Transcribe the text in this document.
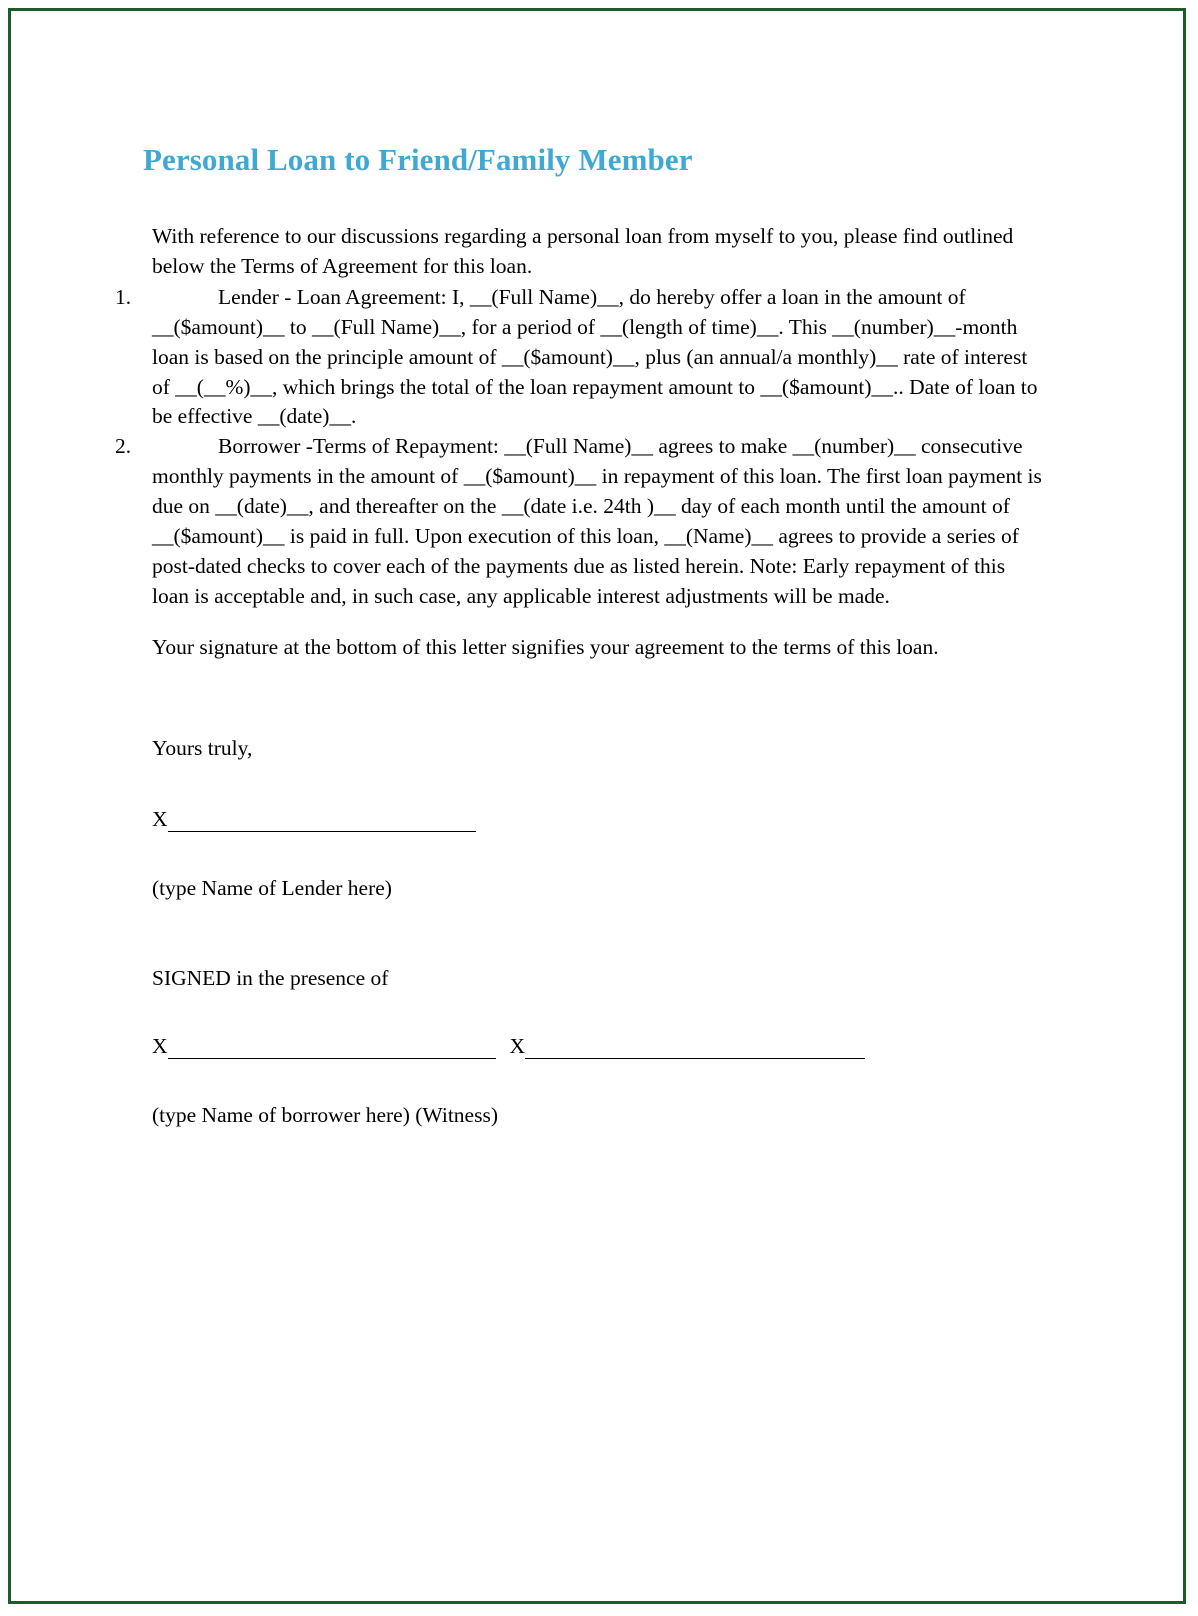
Personal Loan to Friend/Family Member

With reference to our discussions regarding a personal loan from myself to you, please find outlined below the Terms of Agreement for this loan.

Lender - Loan Agreement: I, __(Full Name)__, do hereby offer a loan in the amount of __($amount)__ to __(Full Name)__, for a period of __(length of time)__. This __(number)__-month loan is based on the principle amount of __($amount)__, plus (an annual/a monthly)__ rate of interest of __(__%)__, which brings the total of the loan repayment amount to __($amount)__.. Date of loan to be effective __(date)__.
Borrower -Terms of Repayment: __(Full Name)__ agrees to make __(number)__ consecutive monthly payments in the amount of __($amount)__ in repayment of this loan. The first loan payment is due on __(date)__, and thereafter on the __(date i.e. 24th )__ day of each month until the amount of __($amount)__ is paid in full. Upon execution of this loan, __(Name)__ agrees to provide a series of post-dated checks to cover each of the payments due as listed herein. Note: Early repayment of this loan is acceptable and, in such case, any applicable interest adjustments will be made.

Your signature at the bottom of this letter signifies your agreement to the terms of this loan.

Yours truly,

X

(type Name of Lender here)

SIGNED in the presence of

X	X

(type Name of borrower here) (Witness)
